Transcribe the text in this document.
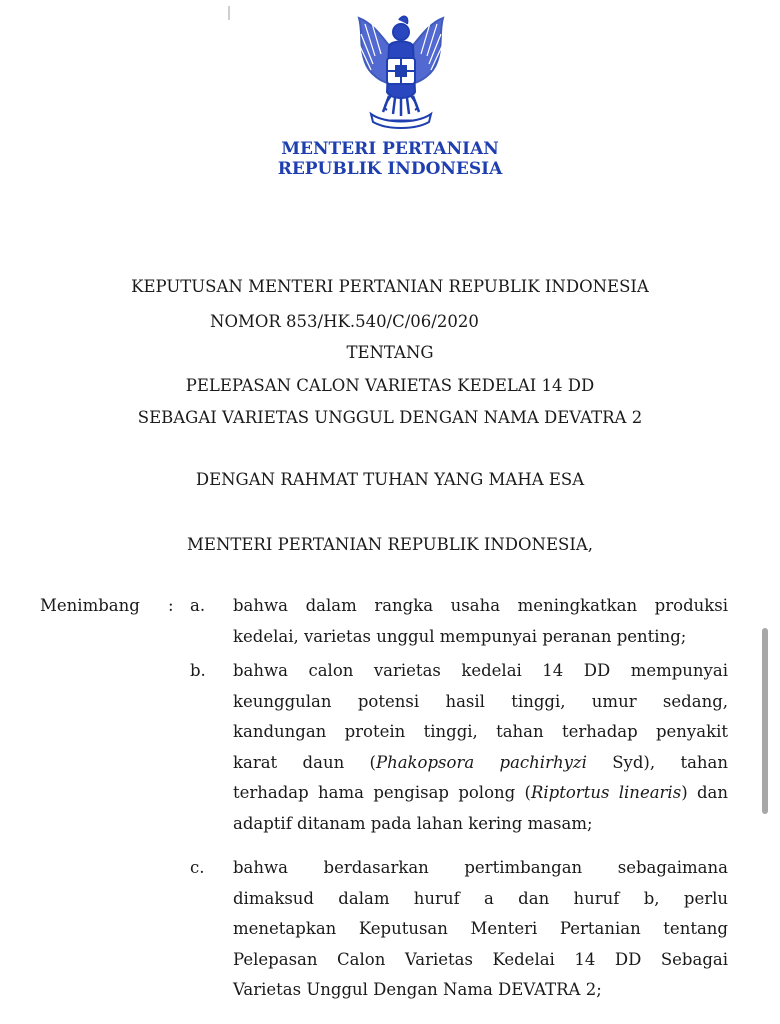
MENTERI PERTANIAN
REPUBLIK INDONESIA
KEPUTUSAN MENTERI PERTANIAN REPUBLIK INDONESIA
NOMOR 853/HK.540/C/06/2020
TENTANG
PELEPASAN CALON VARIETAS KEDELAI 14 DD
SEBAGAI VARIETAS UNGGUL DENGAN NAMA DEVATRA 2
DENGAN RAHMAT TUHAN YANG MAHA ESA
MENTERI PERTANIAN REPUBLIK INDONESIA,
Menimbang : a. bahwa dalam rangka usaha meningkatkan produksi
kedelai, varietas unggul mempunyai peranan penting;
b. bahwa calon varietas kedelai 14 DD mempunyai
keunggulan potensi hasil tinggi, umur sedang,
kandungan protein tinggi, tahan terhadap penyakit
karat daun (Phakopsora pachirhyzi Syd), tahan
terhadap hama pengisap polong (Riptortus linearis) dan
adaptif ditanam pada lahan kering masam;
c. bahwa berdasarkan pertimbangan sebagaimana
dimaksud dalam huruf a dan huruf b, perlu
menetapkan Keputusan Menteri Pertanian tentang
Pelepasan Calon Varietas Kedelai 14 DD Sebagai
Varietas Unggul Dengan Nama DEVATRA 2;
